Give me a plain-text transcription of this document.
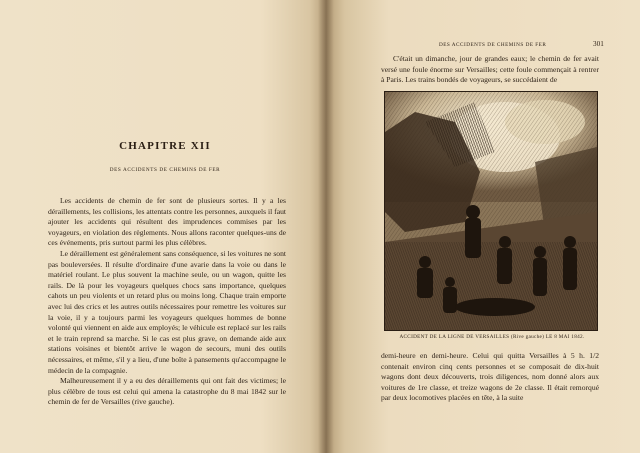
CHAPITRE XII
DES ACCIDENTS DE CHEMINS DE FER

Les accidents de chemin de fer sont de plusieurs sortes. Il y a les déraillements, les collisions, les attentats contre les personnes, auxquels il faut ajouter les accidents qui résultent des imprudences commises par les voyageurs, en violation des règlements. Nous allons raconter quelques-uns de ces événements, pris surtout parmi les plus célèbres.

Le déraillement est généralement sans conséquence, si les voitures ne sont pas bouleversées. Il résulte d'ordinaire d'une avarie dans la voie ou dans le matériel roulant. Le plus souvent la machine seule, ou un wagon, quitte les rails. De là pour les voyageurs quelques chocs sans importance, quelques cahots un peu violents et un retard plus ou moins long. Chaque train emporte avec lui des crics et les autres outils nécessaires pour remettre les voitures sur la voie, il y a toujours parmi les voyageurs quelques hommes de bonne volonté qui viennent en aide aux employés; le véhicule est replacé sur les rails et le train reprend sa marche. Si le cas est plus grave, on demande aide aux stations voisines et bientôt arrive le wagon de secours, muni des outils nécessaires, et même, s'il y a lieu, d'une boîte à pansements qu'accompagne le médecin de la compagnie.

Malheureusement il y a eu des déraillements qui ont fait des victimes; le plus célèbre de tous est celui qui amena la catastrophe du 8 mai 1842 sur le chemin de fer de Versailles (rive gauche).

DES ACCIDENTS DE CHEMINS DE FER	301

C'était un dimanche, jour de grandes eaux; le chemin de fer avait versé une foule énorme sur Versailles; cette foule commençait à rentrer à Paris. Les trains bondés de voyageurs, se succédaient de

ACCIDENT DE LA LIGNE DE VERSAILLES (Rive gauche) LE 8 MAI 1842.

demi-heure en demi-heure. Celui qui quitta Versailles à 5 h. 1/2 contenait environ cinq cents personnes et se composait de dix-huit wagons dont deux découverts, trois diligences, nom donné alors aux voitures de 1re classe, et treize wagons de 2e classe. Il était remorqué par deux locomotives placées en tête, à la suite
